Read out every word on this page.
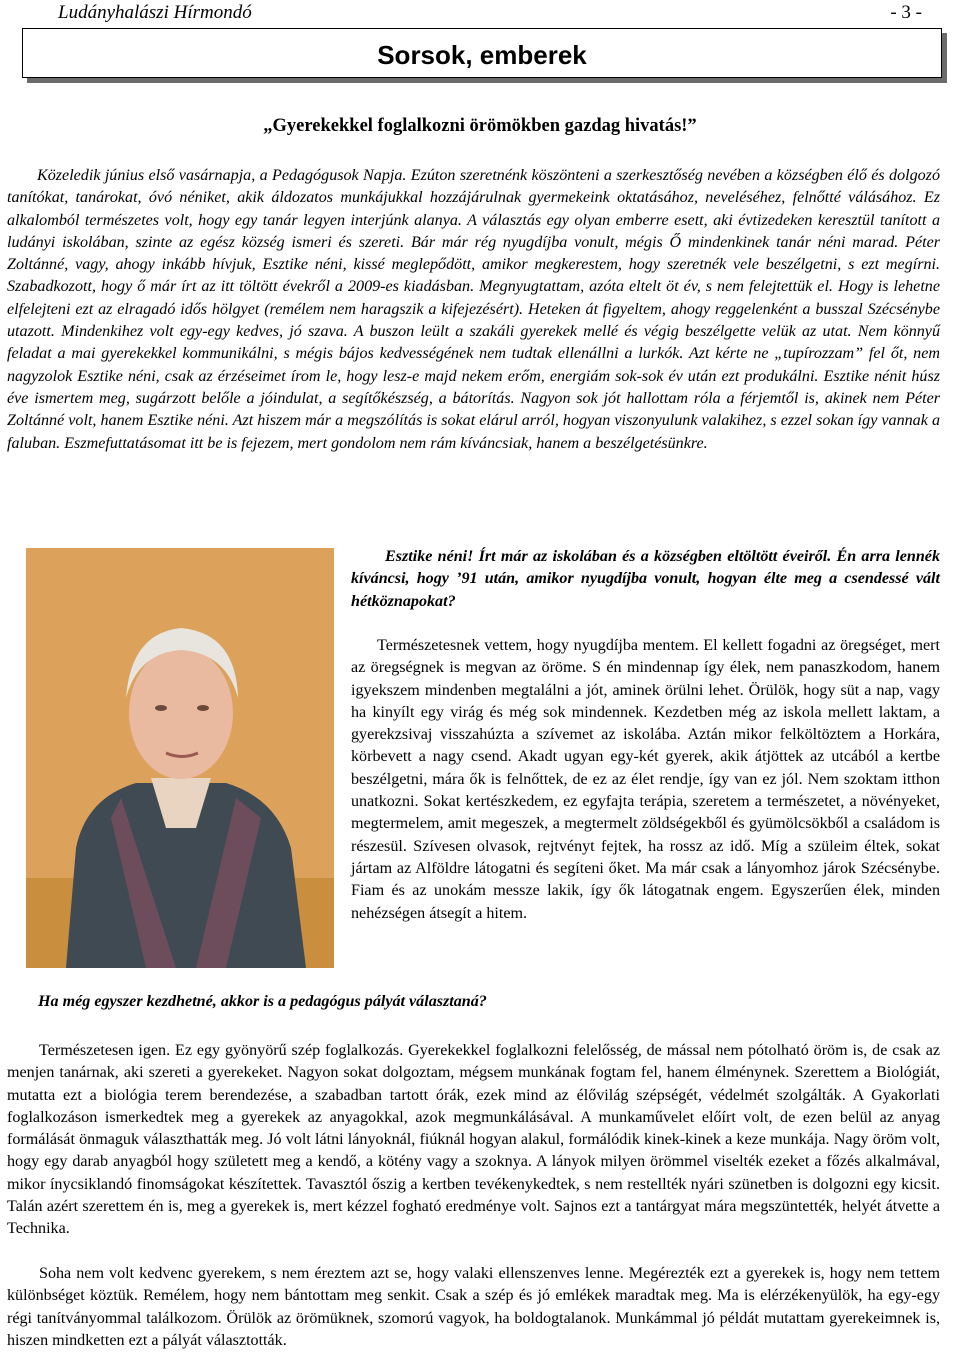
Ludányhalászi Hírmondó	- 3 -
Sorsok, emberek
„Gyerekekkel foglalkozni örömökben gazdag hivatás!”
Közeledik június első vasárnapja, a Pedagógusok Napja. Ezúton szeretnénk köszönteni a szerkesztőség nevében a községben élő és dolgozó tanítókat, tanárokat, óvó néniket, akik áldozatos munkájukkal hozzájárulnak gyermekeink oktatásához, neveléséhez, felnőtté válásához. Ez alkalomból természetes volt, hogy egy tanár legyen interjúnk alanya. A választás egy olyan emberre esett, aki évtizedeken keresztül tanított a ludányi iskolában, szinte az egész község ismeri és szereti. Bár már rég nyugdíjba vonult, mégis Ő mindenkinek tanár néni marad. Péter Zoltánné, vagy, ahogy inkább hívjuk, Esztike néni, kissé meglepődött, amikor megkerestem, hogy szeretnék vele beszélgetni, s ezt megírni. Szabadkozott, hogy ő már írt az itt töltött évekről a 2009-es kiadásban. Megnyugtattam, azóta eltelt öt év, s nem felejtettük el. Hogy is lehetne elfelejteni ezt az elragadó idős hölgyet (remélem nem haragszik a kifejezésért). Heteken át figyeltem, ahogy reggelenként a busszal Szécsénybe utazott. Mindenkihez volt egy-egy kedves, jó szava. A buszon leült a szakáli gyerekek mellé és végig beszélgette velük az utat. Nem könnyű feladat a mai gyerekekkel kommunikálni, s mégis bájos kedvességének nem tudtak ellenállni a lurkók. Azt kérte ne „tupírozzam” fel őt, nem nagyzolok Esztike néni, csak az érzéseimet írom le, hogy lesz-e majd nekem erőm, energiám sok-sok év után ezt produkálni. Esztike nénit húsz éve ismertem meg, sugárzott belőle a jóindulat, a segítőkészség, a bátorítás. Nagyon sok jót hallottam róla a férjemtől is, akinek nem Péter Zoltánné volt, hanem Esztike néni. Azt hiszem már a megszólítás is sokat elárul arról, hogyan viszonyulunk valakihez, s ezzel sokan így vannak a faluban. Eszmefuttatásomat itt be is fejezem, mert gondolom nem rám kíváncsiak, hanem a beszélgetésünkre.
Esztike néni! Írt már az iskolában és a községben eltöltött éveiről. Én arra lennék kíváncsi, hogy ’91 után, amikor nyugdíjba vonult, hogyan élte meg a csendessé vált hétköznapokat?
Természetesnek vettem, hogy nyugdíjba mentem. El kellett fogadni az öregséget, mert az öregségnek is megvan az öröme. S én mindennap így élek, nem panaszkodom, hanem igyekszem mindenben megtalálni a jót, aminek örülni lehet. Örülök, hogy süt a nap, vagy ha kinyílt egy virág és még sok mindennek. Kezdetben még az iskola mellett laktam, a gyerekzsivaj visszahúzta a szívemet az iskolába. Aztán mikor felköltöztem a Horkára, körbevett a nagy csend. Akadt ugyan egy-két gyerek, akik átjöttek az utcából a kertbe beszélgetni, mára ők is felnőttek, de ez az élet rendje, így van ez jól. Nem szoktam itthon unatkozni. Sokat kertészkedem, ez egyfajta terápia, szeretem a természetet, a növényeket, megtermelem, amit megeszek, a megtermelt zöldségekből és gyümölcsökből a családom is részesül. Szívesen olvasok, rejtvényt fejtek, ha rossz az idő. Míg a szüleim éltek, sokat jártam az Alföldre látogatni és segíteni őket. Ma már csak a lányomhoz járok Szécsénybe. Fiam és az unokám messze lakik, így ők látogatnak engem. Egyszerűen élek, minden nehézségen átsegít a hitem.
Ha még egyszer kezdhetné, akkor is a pedagógus pályát választaná?
Természetesen igen. Ez egy gyönyörű szép foglalkozás. Gyerekekkel foglalkozni felelősség, de mással nem pótolható öröm is, de csak az menjen tanárnak, aki szereti a gyerekeket. Nagyon sokat dolgoztam, mégsem munkának fogtam fel, hanem élménynek. Szerettem a Biológiát, mutatta ezt a biológia terem berendezése, a szabadban tartott órák, ezek mind az élővilág szépségét, védelmét szolgálták. A Gyakorlati foglalkozáson ismerkedtek meg a gyerekek az anyagokkal, azok megmunkálásával. A munkaművelet előírt volt, de ezen belül az anyag formálását önmaguk választhatták meg. Jó volt látni lányoknál, fiúknál hogyan alakul, formálódik kinek-kinek a keze munkája. Nagy öröm volt, hogy egy darab anyagból hogy született meg a kendő, a kötény vagy a szoknya. A lányok milyen örömmel viselték ezeket a főzés alkalmával, mikor ínycsiklandó finomságokat készítettek. Tavasztól őszig a kertben tevékenykedtek, s nem restellték nyári szünetben is dolgozni egy kicsit. Talán azért szerettem én is, meg a gyerekek is, mert kézzel fogható eredménye volt. Sajnos ezt a tantárgyat mára megszüntették, helyét átvette a Technika.
Soha nem volt kedvenc gyerekem, s nem éreztem azt se, hogy valaki ellenszenves lenne. Megérezték ezt a gyerekek is, hogy nem tettem különbséget köztük. Remélem, hogy nem bántottam meg senkit. Csak a szép és jó emlékek maradtak meg. Ma is elérzékenyülök, ha egy-egy régi tanítványommal találkozom. Örülök az örömüknek, szomorú vagyok, ha boldogtalanok. Munkámmal jó példát mutattam gyerekeimnek is, hiszen mindketten ezt a pályát választották.
